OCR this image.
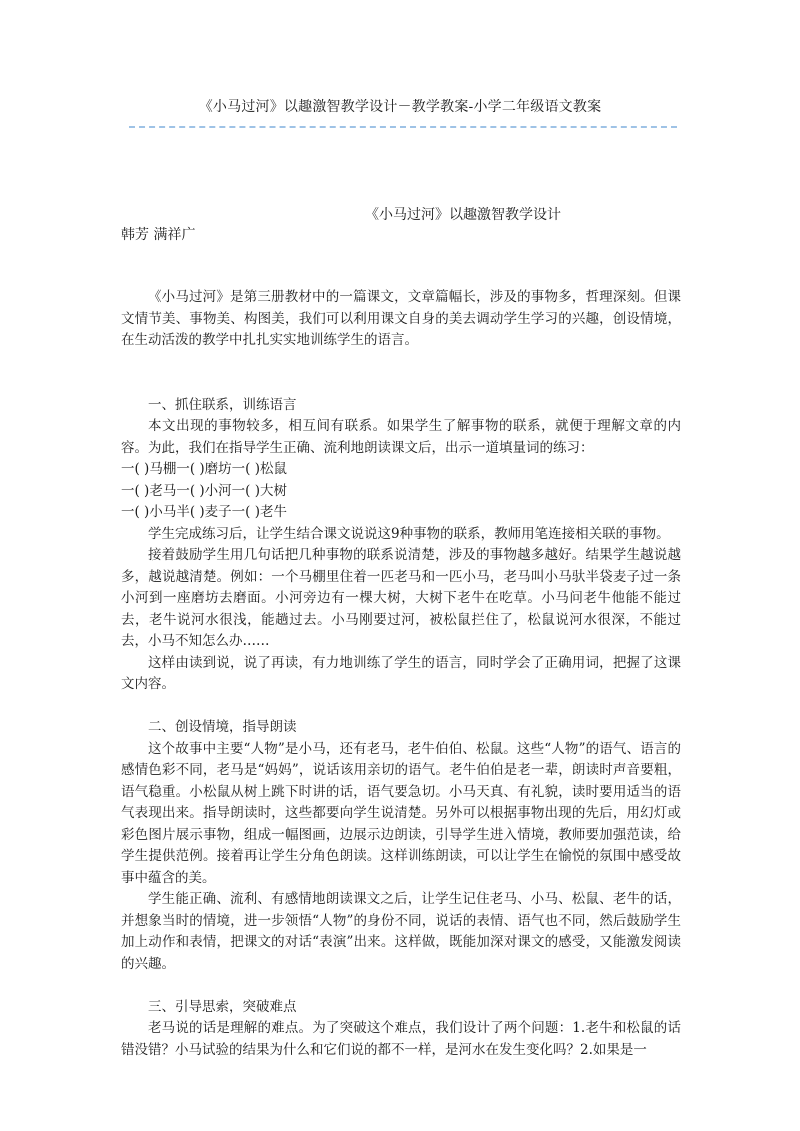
《小马过河》以趣激智教学设计－教学教案-小学二年级语文教案
《小马过河》以趣激智教学设计
韩芳 满祥广

《小马过河》是第三册教材中的一篇课文，文章篇幅长，涉及的事物多，哲理深刻。但课文情节美、事物美、构图美，我们可以利用课文自身的美去调动学生学习的兴趣，创设情境，在生动活泼的教学中扎扎实实地训练学生的语言。

一、抓住联系，训练语言

本文出现的事物较多，相互间有联系。如果学生了解事物的联系，就便于理解文章的内容。为此，我们在指导学生正确、流利地朗读课文后，出示一道填量词的练习：

一( )马棚一( )磨坊一( )松鼠

一( )老马一( )小河一( )大树

一( )小马半( )麦子一( )老牛

学生完成练习后，让学生结合课文说说这9种事物的联系，教师用笔连接相关联的事物。

接着鼓励学生用几句话把几种事物的联系说清楚，涉及的事物越多越好。结果学生越说越多，越说越清楚。例如：一个马棚里住着一匹老马和一匹小马，老马叫小马驮半袋麦子过一条小河到一座磨坊去磨面。小河旁边有一棵大树，大树下老牛在吃草。小马问老牛他能不能过去，老牛说河水很浅，能趟过去。小马刚要过河，被松鼠拦住了，松鼠说河水很深，不能过去，小马不知怎么办……

这样由读到说，说了再读，有力地训练了学生的语言，同时学会了正确用词，把握了这课文内容。

二、创设情境，指导朗读

这个故事中主要“人物”是小马，还有老马，老牛伯伯、松鼠。这些“人物”的语气、语言的感情色彩不同，老马是“妈妈”，说话该用亲切的语气。老牛伯伯是老一辈，朗读时声音要粗，语气稳重。小松鼠从树上跳下时讲的话，语气要急切。小马天真、有礼貌，读时要用适当的语气表现出来。指导朗读时，这些都要向学生说清楚。另外可以根据事物出现的先后，用幻灯或彩色图片展示事物，组成一幅图画，边展示边朗读，引导学生进入情境，教师要加强范读，给学生提供范例。接着再让学生分角色朗读。这样训练朗读，可以让学生在愉悦的氛围中感受故事中蕴含的美。

学生能正确、流利、有感情地朗读课文之后，让学生记住老马、小马、松鼠、老牛的话，并想象当时的情境，进一步领悟“人物”的身份不同，说话的表情、语气也不同，然后鼓励学生加上动作和表情，把课文的对话“表演”出来。这样做，既能加深对课文的感受，又能激发阅读的兴趣。

三、引导思索，突破难点

老马说的话是理解的难点。为了突破这个难点，我们设计了两个问题：1.老牛和松鼠的话错没错？小马试验的结果为什么和它们说的都不一样，是河水在发生变化吗？2.如果是一
